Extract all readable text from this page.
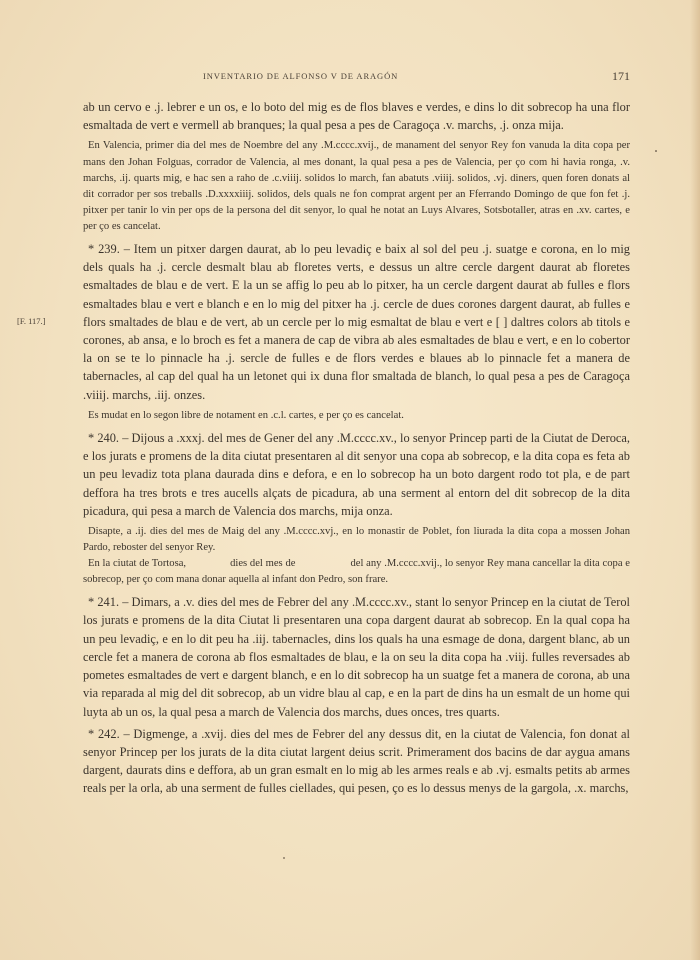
INVENTARIO DE ALFONSO V DE ARAGÓN	171
[F. 117.]

ab un cervo e .j. lebrer e un os, e lo boto del mig es de flos blaves e verdes, e dins lo dit sobrecop ha una flor esmaltada de vert e vermell ab branques; la qual pesa a pes de Caragoça .v. marchs, .j. onza mija.

En Valencia, primer dia del mes de Noembre del any .M.cccc.xvij., de manament del senyor Rey fon vanuda la dita copa per mans den Johan Folguas, corrador de Valencia, al mes donant, la qual pesa a pes de Valencia, per ço com hi havia ronga, .v. marchs, .ij. quarts mig, e hac sen a raho de .c.viiij. solidos lo march, fan abatuts .viiij. solidos, .vj. diners, quen foren donats al dit corrador per sos treballs .D.xxxxiiij. solidos, dels quals ne fon comprat argent per an Fferrando Domingo de que fon fet .j. pitxer per tanir lo vin per ops de la persona del dit senyor, lo qual he notat an Luys Alvares, Sotsbotaller, atras en .xv. cartes, e per ço es cancelat.

* 239. – Item un pitxer dargen daurat, ab lo peu levadiç e baix al sol del peu .j. suatge e corona, en lo mig dels quals ha .j. cercle desmalt blau ab floretes verts, e dessus un altre cercle dargent daurat ab floretes esmaltades de blau e de vert. E la un se affig lo peu ab lo pitxer, ha un cercle dargent daurat ab fulles e flors esmaltades blau e vert e blanch e en lo mig del pitxer ha .j. cercle de dues corones dargent daurat, ab fulles e flors smaltades de blau e de vert, ab un cercle per lo mig esmaltat de blau e vert e [ ] daltres colors ab titols e corones, ab ansa, e lo broch es fet a manera de cap de vibra ab ales esmaltades de blau e vert, e en lo cobertor la on se te lo pinnacle ha .j. sercle de fulles e de flors verdes e blaues ab lo pinnacle fet a manera de tabernacles, al cap del qual ha un letonet qui ix duna flor smaltada de blanch, lo qual pesa a pes de Caragoça .viiij. marchs, .iij. onzes.

Es mudat en lo segon libre de notament en .c.l. cartes, e per ço es cancelat.

* 240. – Dijous a .xxxj. del mes de Gener del any .M.cccc.xv., lo senyor Princep parti de la Ciutat de Deroca, e los jurats e promens de la dita ciutat presentaren al dit senyor una copa ab sobrecop, e la dita copa es feta ab un peu levadiz tota plana daurada dins e defora, e en lo sobrecop ha un boto dargent rodo tot pla, e de part deffora ha tres brots e tres aucells alçats de picadura, ab una serment al entorn del dit sobrecop de la dita picadura, qui pesa a march de Valencia dos marchs, mija onza.

Disapte, a .ij. dies del mes de Maig del any .M.cccc.xvj., en lo monastir de Poblet, fon liurada la dita copa a mossen Johan Pardo, reboster del senyor Rey.

En la ciutat de Tortosa,	dies del mes de	del any .M.cccc.xvij., lo senyor Rey mana cancellar la dita copa e sobrecop, per ço com mana donar aquella al infant don Pedro, son frare.

* 241. – Dimars, a .v. dies del mes de Febrer del any .M.cccc.xv., stant lo senyor Princep en la ciutat de Terol los jurats e promens de la dita Ciutat li presentaren una copa dargent daurat ab sobrecop. En la qual copa ha un peu levadiç, e en lo dit peu ha .iij. tabernacles, dins los quals ha una esmage de dona, dargent blanc, ab un cercle fet a manera de corona ab flos esmaltades de blau, e la on seu la dita copa ha .viij. fulles reversades ab pometes esmaltades de vert e dargent blanch, e en lo dit sobrecop ha un suatge fet a manera de corona, ab una via reparada al mig del dit sobrecop, ab un vidre blau al cap, e en la part de dins ha un esmalt de un home qui luyta ab un os, la qual pesa a march de Valencia dos marchs, dues onces, tres quarts.

* 242. – Digmenge, a .xvij. dies del mes de Febrer del any dessus dit, en la ciutat de Valencia, fon donat al senyor Princep per los jurats de la dita ciutat largent deius scrit. Primerament dos bacins de dar aygua amans dargent, daurats dins e deffora, ab un gran esmalt en lo mig ab les armes reals e ab .vj. esmalts petits ab armes reals per la orla, ab una serment de fulles ciellades, qui pesen, ço es lo dessus menys de la gargola, .x. marchs,
